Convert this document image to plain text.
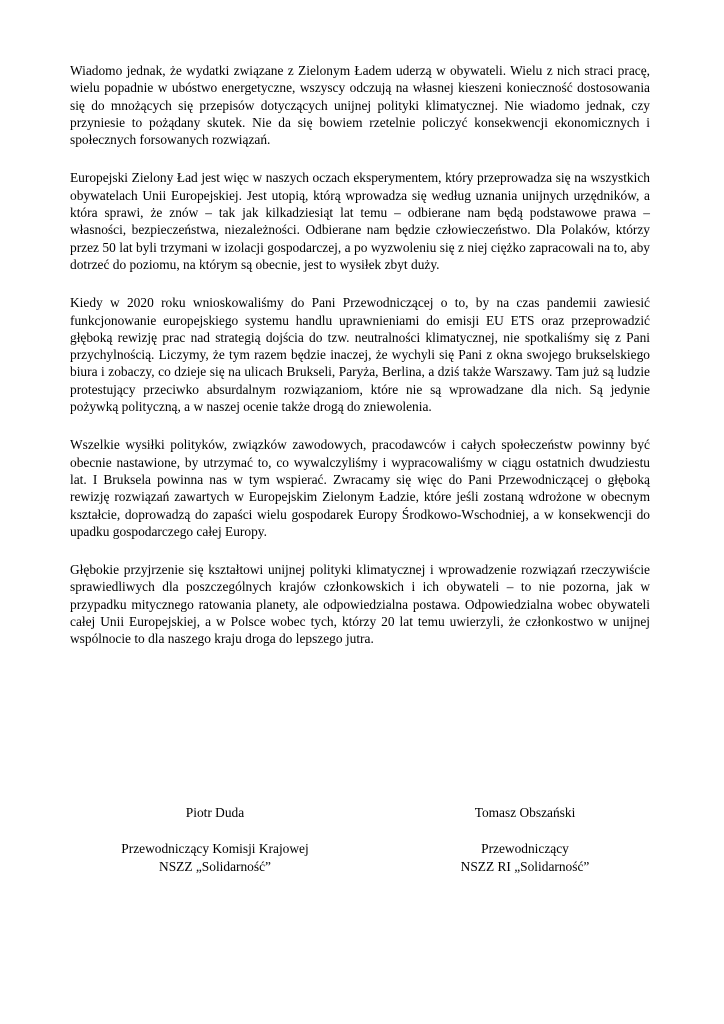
Wiadomo jednak, że wydatki związane z Zielonym Ładem uderzą w obywateli. Wielu z nich straci pracę, wielu popadnie w ubóstwo energetyczne, wszyscy odczują na własnej kieszeni konieczność dostosowania się do mnożących się przepisów dotyczących unijnej polityki klimatycznej. Nie wiadomo jednak, czy przyniesie to pożądany skutek. Nie da się bowiem rzetelnie policzyć konsekwencji ekonomicznych i społecznych forsowanych rozwiązań.

Europejski Zielony Ład jest więc w naszych oczach eksperymentem, który przeprowadza się na wszystkich obywatelach Unii Europejskiej. Jest utopią, którą wprowadza się według uznania unijnych urzędników, a która sprawi, że znów – tak jak kilkadziesiąt lat temu – odbierane nam będą podstawowe prawa – własności, bezpieczeństwa, niezależności. Odbierane nam będzie człowieczeństwo. Dla Polaków, którzy przez 50 lat byli trzymani w izolacji gospodarczej, a po wyzwoleniu się z niej ciężko zapracowali na to, aby dotrzeć do poziomu, na którym są obecnie, jest to wysiłek zbyt duży.

Kiedy w 2020 roku wnioskowaliśmy do Pani Przewodniczącej o to, by na czas pandemii zawiesić funkcjonowanie europejskiego systemu handlu uprawnieniami do emisji EU ETS oraz przeprowadzić głęboką rewizję prac nad strategią dojścia do tzw. neutralności klimatycznej, nie spotkaliśmy się z Pani przychylnością. Liczymy, że tym razem będzie inaczej, że wychyli się Pani z okna swojego brukselskiego biura i zobaczy, co dzieje się na ulicach Brukseli, Paryża, Berlina, a dziś także Warszawy. Tam już są ludzie protestujący przeciwko absurdalnym rozwiązaniom, które nie są wprowadzane dla nich. Są jedynie pożywką polityczną, a w naszej ocenie także drogą do zniewolenia.

Wszelkie wysiłki polityków, związków zawodowych, pracodawców i całych społeczeństw powinny być obecnie nastawione, by utrzymać to, co wywalczyliśmy i wypracowaliśmy w ciągu ostatnich dwudziestu lat. I Bruksela powinna nas w tym wspierać. Zwracamy się więc do Pani Przewodniczącej o głęboką rewizję rozwiązań zawartych w Europejskim Zielonym Ładzie, które jeśli zostaną wdrożone w obecnym kształcie, doprowadzą do zapaści wielu gospodarek Europy Środkowo-Wschodniej, a w konsekwencji do upadku gospodarczego całej Europy.

Głębokie przyjrzenie się kształtowi unijnej polityki klimatycznej i wprowadzenie rozwiązań rzeczywiście sprawiedliwych dla poszczególnych krajów członkowskich i ich obywateli – to nie pozorna, jak w przypadku mitycznego ratowania planety, ale odpowiedzialna postawa. Odpowiedzialna wobec obywateli całej Unii Europejskiej, a w Polsce wobec tych, którzy 20 lat temu uwierzyli, że członkostwo w unijnej wspólnocie to dla naszego kraju droga do lepszego jutra.

Piotr Duda
Przewodniczący Komisji Krajowej
NSZZ „Solidarność”
Tomasz Obszański
Przewodniczący
NSZZ RI „Solidarność”
